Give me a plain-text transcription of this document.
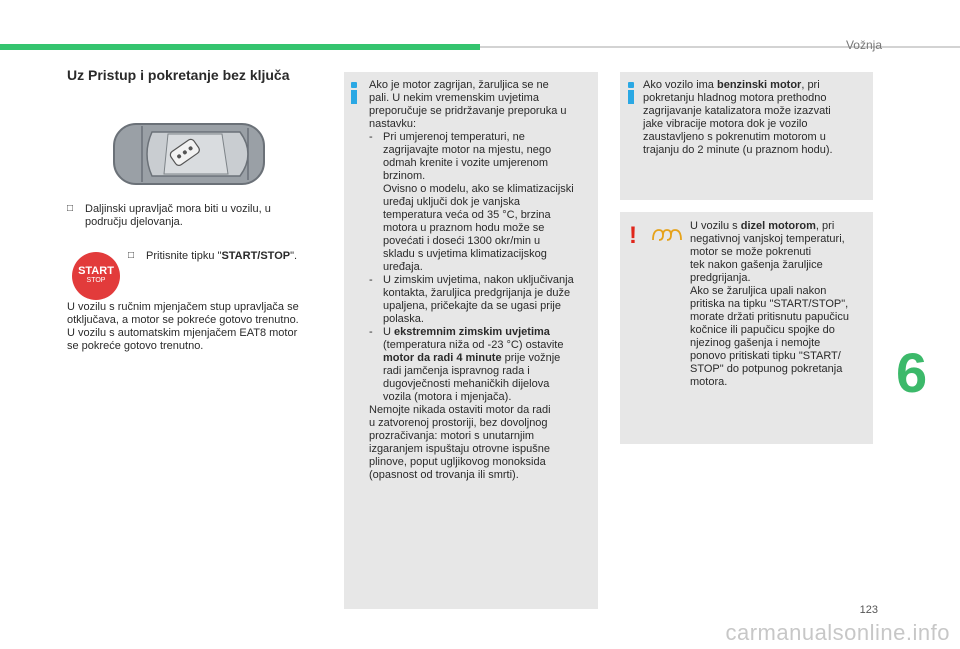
Vožnja
6
123
carmanualsonline.info
Uz Pristup i pokretanje bez ključa
□	Daljinski upravljač mora biti u vozilu, u

području djelovanja.

START
STOP
□	Pritisnite tipku "START/STOP".

U vozilu s ručnim mjenjačem stup upravljača se

otključava, a motor se pokreće gotovo trenutno.

U vozilu s automatskim mjenjačem EAT8 motor

se pokreće gotovo trenutno.

Ako je motor zagrijan, žaruljica se ne

pali. U nekim vremenskim uvjetima

preporučuje se pridržavanje preporuka u

nastavku:

- Pri umjerenoj temperaturi, ne
zagrijavajte motor na mjestu, nego
odmah krenite i vozite umjerenom
brzinom.
Ovisno o modelu, ako se klimatizacijski
uređaj uključi dok je vanjska
temperatura veća od 35 °C, brzina
motora u praznom hodu može se
povećati i doseći 1300 okr/min u
skladu s uvjetima klimatizacijskog
uređaja.
- U zimskim uvjetima, nakon uključivanja
kontakta, žaruljica predgrijanja je duže
upaljena, pričekajte da se ugasi prije
polaska.
- U ekstremnim zimskim uvjetima
(temperatura niža od -23 °C) ostavite
motor da radi 4 minute prije vožnje
radi jamčenja ispravnog rada i
dugovječnosti mehaničkih dijelova
vozila (motora i mjenjača).

Nemojte nikada ostaviti motor da radi

u zatvorenoj prostoriji, bez dovoljnog

prozračivanja: motori s unutarnjim

izgaranjem ispuštaju otrovne ispušne

plinove, poput ugljikovog monoksida

(opasnost od trovanja ili smrti).

Ako vozilo ima benzinski motor, pri

pokretanju hladnog motora prethodno

zagrijavanje katalizatora može izazvati

jake vibracije motora dok je vozilo

zaustavljeno s pokrenutim motorom u

trajanju do 2 minute (u praznom hodu).

!	U vozilu s dizel motorom, pri

negativnoj vanjskoj temperaturi,

motor se može pokrenuti

tek nakon gašenja žaruljice

predgrijanja.

Ako se žaruljica upali nakon

pritiska na tipku "START/STOP",

morate držati pritisnutu papučicu

kočnice ili papučicu spojke do

njezinog gašenja i nemojte

ponovo pritiskati tipku "START/

STOP" do potpunog pokretanja

motora.
